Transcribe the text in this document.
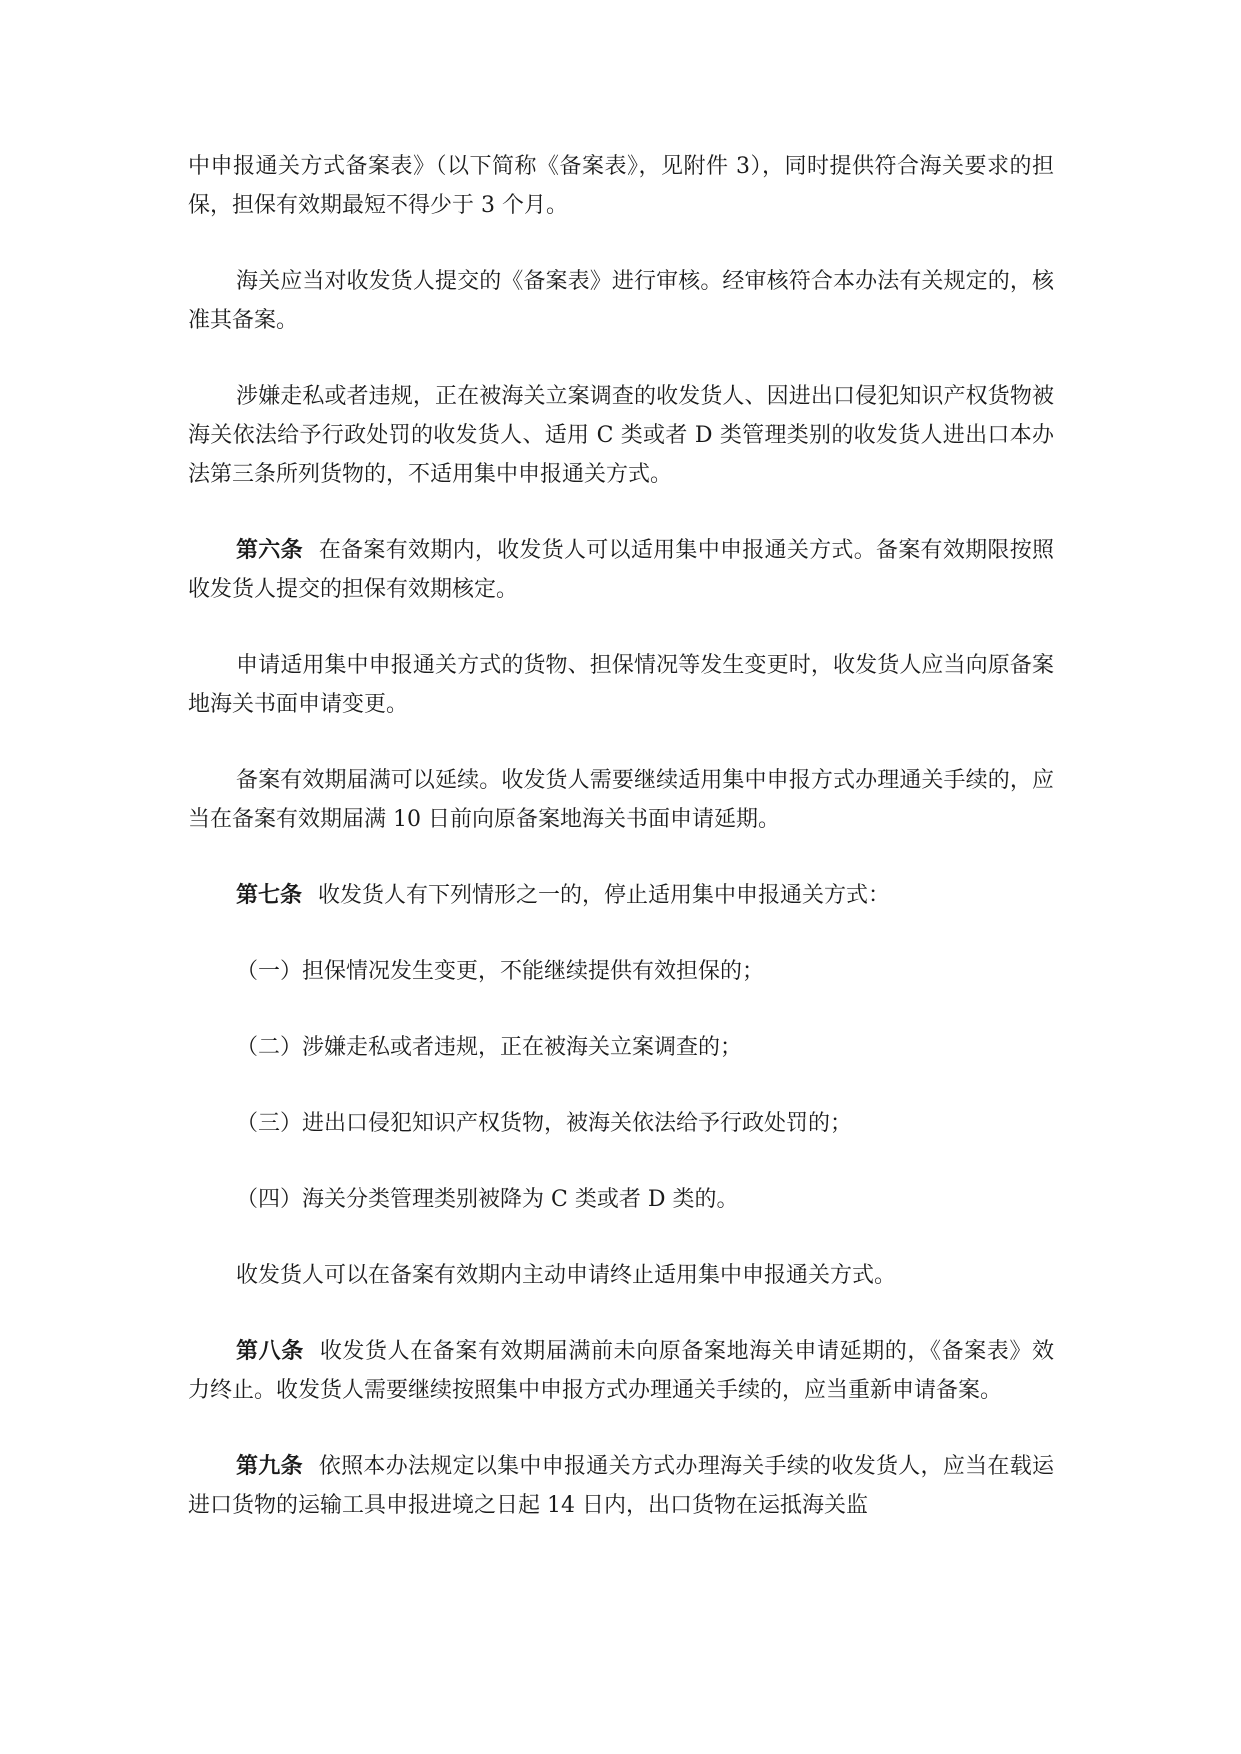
中申报通关方式备案表》（以下简称《备案表》，见附件 3），同时提供符合海关要求的担保，担保有效期最短不得少于 3 个月。

海关应当对收发货人提交的《备案表》进行审核。经审核符合本办法有关规定的，核准其备案。

涉嫌走私或者违规，正在被海关立案调查的收发货人、因进出口侵犯知识产权货物被海关依法给予行政处罚的收发货人、适用 C 类或者 D 类管理类别的收发货人进出口本办法第三条所列货物的，不适用集中申报通关方式。

第六条 在备案有效期内，收发货人可以适用集中申报通关方式。备案有效期限按照收发货人提交的担保有效期核定。

申请适用集中申报通关方式的货物、担保情况等发生变更时，收发货人应当向原备案地海关书面申请变更。

备案有效期届满可以延续。收发货人需要继续适用集中申报方式办理通关手续的，应当在备案有效期届满 10 日前向原备案地海关书面申请延期。

第七条 收发货人有下列情形之一的，停止适用集中申报通关方式：

（一）担保情况发生变更，不能继续提供有效担保的；

（二）涉嫌走私或者违规，正在被海关立案调查的；

（三）进出口侵犯知识产权货物，被海关依法给予行政处罚的；

（四）海关分类管理类别被降为 C 类或者 D 类的。

收发货人可以在备案有效期内主动申请终止适用集中申报通关方式。

第八条 收发货人在备案有效期届满前未向原备案地海关申请延期的，《备案表》效力终止。收发货人需要继续按照集中申报方式办理通关手续的，应当重新申请备案。

第九条 依照本办法规定以集中申报通关方式办理海关手续的收发货人，应当在载运进口货物的运输工具申报进境之日起 14 日内，出口货物在运抵海关监
